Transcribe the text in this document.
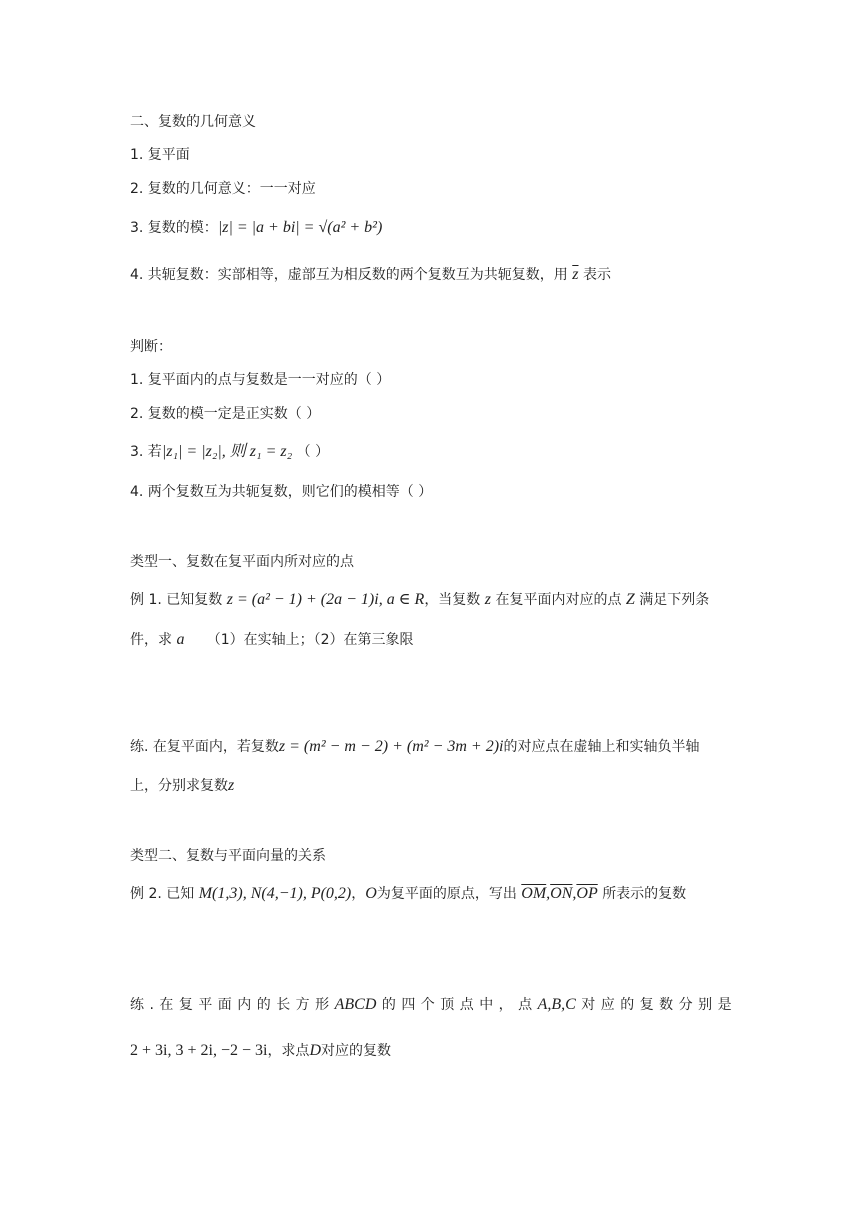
二、复数的几何意义
1. 复平面
2. 复数的几何意义：一一对应
3. 复数的模：|z| = |a + bi| = √(a² + b²)
4. 共轭复数：实部相等，虚部互为相反数的两个复数互为共轭复数，用 $\overline{z}$ 表示
判断：
1. 复平面内的点与复数是一一对应的（ ）
2. 复数的模一定是正实数（ ）
3. 若|z₁| = |z₂|, 则 z₁ = z₂ （ ）
4. 两个复数互为共轭复数，则它们的模相等（ ）
类型一、复数在复平面内所对应的点
例 1. 已知复数 z = (a² − 1) + (2a − 1)i, a ∈ R，当复数 z 在复平面内对应的点 Z 满足下列条
件，求 a （1）在实轴上；（2）在第三象限
练. 在复平面内，若复数z = (m² − m − 2) + (m² − 3m + 2)i的对应点在虚轴上和实轴负半轴
上，分别求复数z
类型二、复数与平面向量的关系
例 2. 已知 M(1,3), N(4,−1), P(0,2)，O为复平面的原点，写出 $\overline{OM},\overline{ON},\overline{OP}$ 所表示的复数
练 . 在 复 平 面 内 的 长 方 形 ABCD 的 四 个 顶 点 中 ， 点 A,B,C 对 应 的 复 数 分 别 是
2 + 3i, 3 + 2i, −2 − 3i，求点D对应的复数
